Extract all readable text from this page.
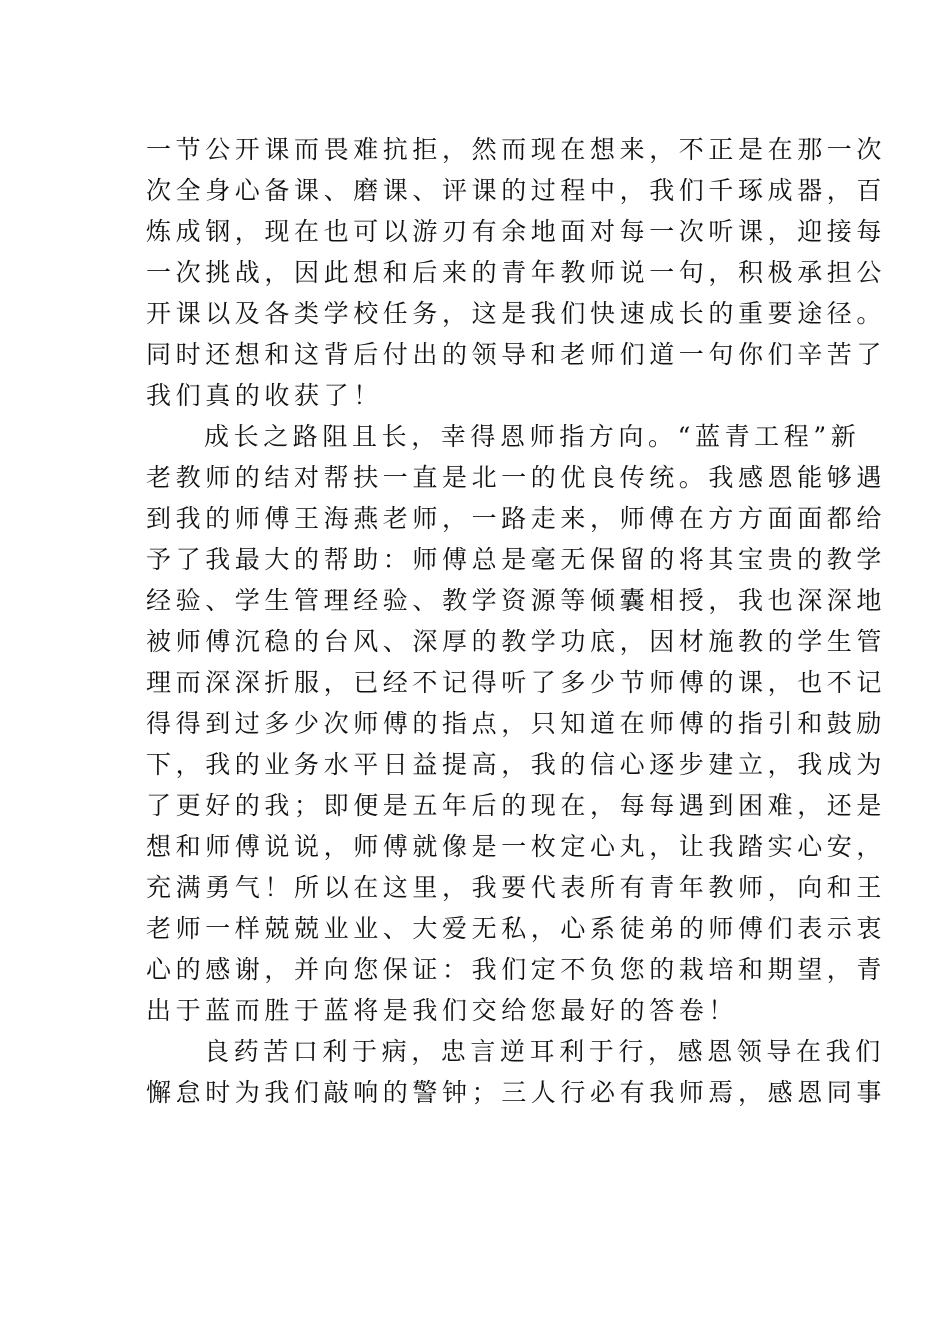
一节公开课而畏难抗拒，然而现在想来，不正是在那一次
次全身心备课、磨课、评课的过程中，我们千琢成器，百
炼成钢，现在也可以游刃有余地面对每一次听课，迎接每
一次挑战，因此想和后来的青年教师说一句，积极承担公
开课以及各类学校任务，这是我们快速成长的重要途径。
同时还想和这背后付出的领导和老师们道一句你们辛苦了
我们真的收获了！
成长之路阻且长，幸得恩师指方向。“蓝青工程”新
老教师的结对帮扶一直是北一的优良传统。我感恩能够遇
到我的师傅王海燕老师，一路走来，师傅在方方面面都给
予了我最大的帮助：师傅总是毫无保留的将其宝贵的教学
经验、学生管理经验、教学资源等倾囊相授，我也深深地
被师傅沉稳的台风、深厚的教学功底，因材施教的学生管
理而深深折服，已经不记得听了多少节师傅的课，也不记
得得到过多少次师傅的指点，只知道在师傅的指引和鼓励
下，我的业务水平日益提高，我的信心逐步建立，我成为
了更好的我；即便是五年后的现在，每每遇到困难，还是
想和师傅说说，师傅就像是一枚定心丸，让我踏实心安，
充满勇气！所以在这里，我要代表所有青年教师，向和王
老师一样兢兢业业、大爱无私，心系徒弟的师傅们表示衷
心的感谢，并向您保证：我们定不负您的栽培和期望，青
出于蓝而胜于蓝将是我们交给您最好的答卷！
良药苦口利于病，忠言逆耳利于行，感恩领导在我们
懈怠时为我们敲响的警钟；三人行必有我师焉，感恩同事
